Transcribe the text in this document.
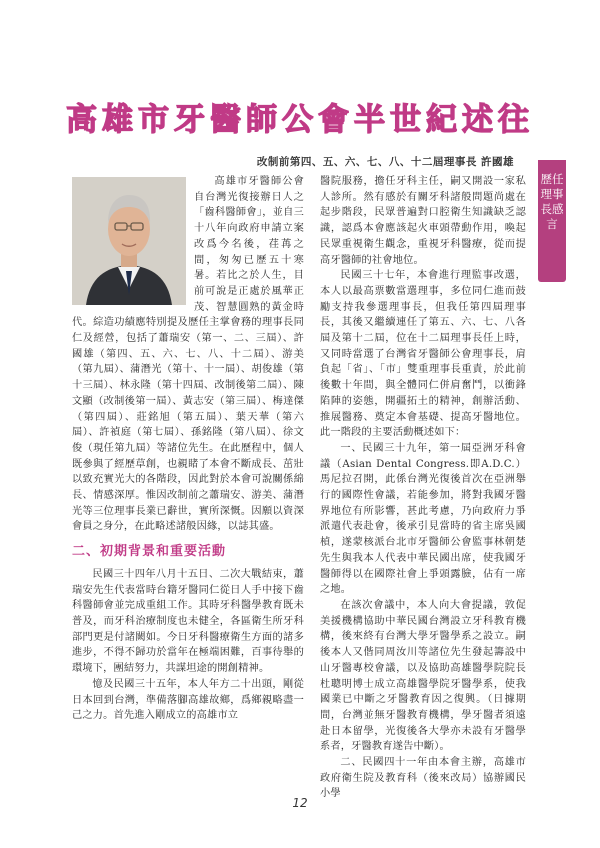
高雄市牙醫師公會半世紀述往
改制前第四、五、六、七、八、十二屆理事長 許國雄
歷任理事長感言

高雄市牙醫師公會自台灣光復接辦日人之「齒科醫師會」，並自三十八年向政府申請立案改爲今名後，荏苒之間，匆匆已歷五十寒暑。若比之於人生，目前可說是正處於風華正茂、智慧圓熟的黃金時代。綜造功績應特別提及歷任主掌會務的理事長同仁及經營，包括了蕭瑞安（第一、二、三屆）、許國雄（第四、五、六、七、八、十二屆）、游美（第九屆）、蒲潛光（第十、十一屆）、胡俊雄（第十三屆）、林永隆（第十四屆、改制後第二屆）、陳文顯（改制後第一屆）、黃志安（第三屆）、梅達傑（第四屆）、莊銘旭（第五屆）、葉天華（第六屆）、許禎庭（第七屆）、孫銘隆（第八屆）、徐文俊（現任第九屆）等諸位先生。在此歷程中，個人既參與了經歷草創，也親睹了本會不斷成長、茁壯以致充實光大的各階段，因此對於本會可說關係綿長、情感深厚。惟因改制前之蕭瑞安、游美、蒲潛光等三位理事長業已辭世，實所深慨。因願以資深會員之身分，在此略述諸般因緣，以誌其盛。

二、初期背景和重要活動

民國三十四年八月十五日、二次大戰結束，蕭瑞安先生代表當時台籍牙醫同仁從日人手中接下齒科醫師會並完成重組工作。其時牙科醫學教育既未普及，而牙科治療制度也未健全，各區衛生所牙科部門更是付諸闕如。今日牙科醫療衛生方面的諸多進步，不得不歸功於當年在極端困難，百事待舉的環境下，團結努力，共謀坦途的開創精神。

憶及民國三十五年，本人年方二十出頭，剛從日本回到台灣，準備落腳高雄故鄉，爲鄉親略盡一己之力。首先進入剛成立的高雄市立

醫院服務，擔任牙科主任，嗣又開設一家私人診所。然有感於有關牙科諸般問題尚處在起步階段，民眾普遍對口腔衛生知識缺乏認識，認爲本會應該起火車頭帶動作用，喚起民眾重視衛生觀念，重視牙科醫療，從而提高牙醫師的社會地位。

民國三十七年，本會進行理監事改選，本人以最高票數當選理事，多位同仁進而鼓勵支持我參選理事長，但我任第四屆理事長，其後又繼續連任了第五、六、七、八各屆及第十二屆，位在十二屆理事長任上時，又同時當選了台灣省牙醫師公會理事長，肩負起「省」、「市」雙重理事長重責，於此前後數十年間，與全體同仁併肩奮鬥，以衝鋒陷陣的姿態，開疆拓土的精神，創辦活動、推展醫務、奠定本會基礎、提高牙醫地位。此一階段的主要活動概述如下：

一、民國三十九年，第一屆亞洲牙科會議（Asian Dental Congress.即A.D.C.）馬尼拉召開，此係台灣光復後首次在亞洲舉行的國際性會議，若能參加，將對我國牙醫界地位有所影響，甚此考慮，乃向政府力爭派遣代表赴會，後承引見當時的省主席吳國楨，遂蒙核派台北市牙醫師公會監事林朝楚先生與我本人代表中華民國出席，使我國牙醫師得以在國際社會上爭頭露臉，佔有一席之地。

在該次會議中，本人向大會提議，敦促美援機構協助中華民國台灣設立牙科教育機構，後來終有台灣大學牙醫學系之設立。嗣後本人又偕同周汝川等諸位先生發起籌設中山牙醫專校會議，以及協助高雄醫學院院長杜聰明博士成立高雄醫學院牙醫學系，使我國業已中斷之牙醫教育因之復興。（日據期間，台灣並無牙醫教育機構，學牙醫者須遠赴日本留學，光復後各大學亦未設有牙醫學系者，牙醫教育遂告中斷）。

二、民國四十一年由本會主辦，高雄市政府衛生院及教育科（後來改局）協辦國民小學

12
